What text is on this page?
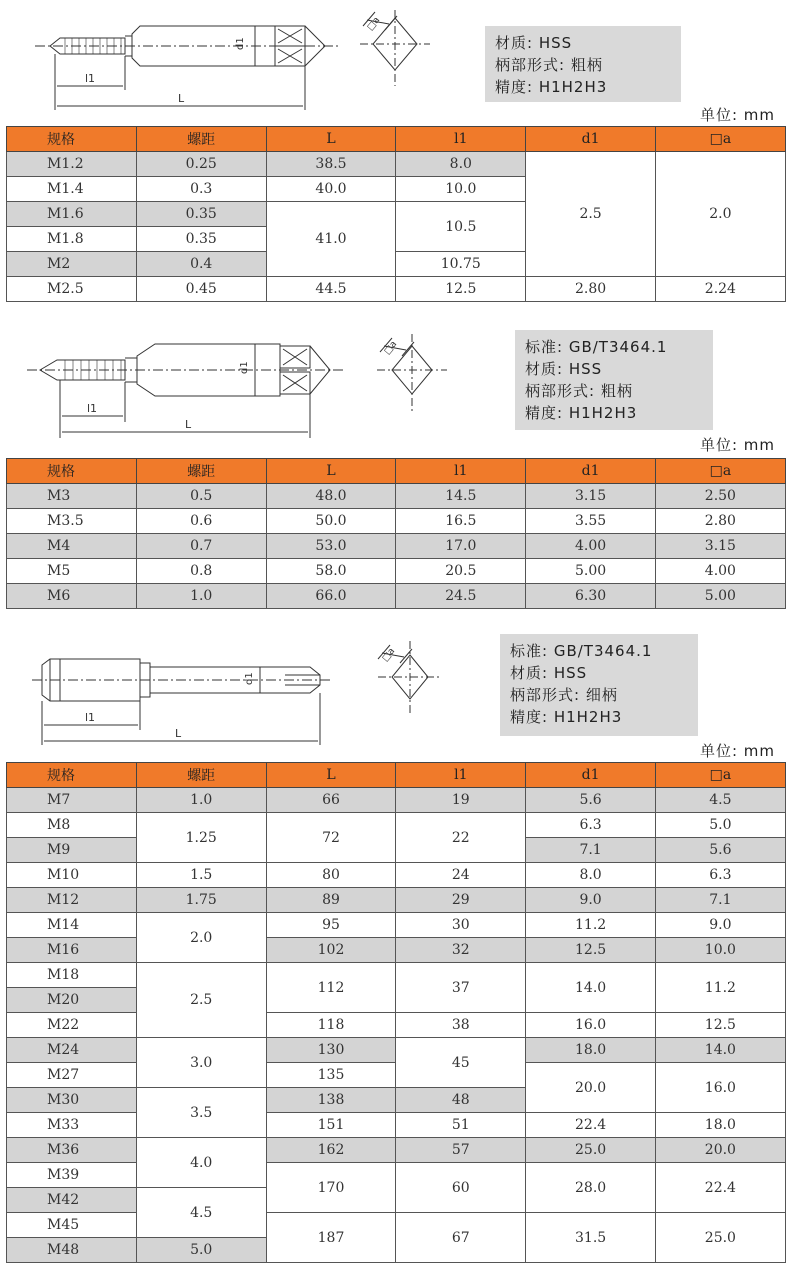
l1
L
d1
□a
材质: HSS
柄部形式: 粗柄
精度: H1H2H3
单位: mm
规格	螺距	L	l1	d1	□a
M1.2	0.25	38.5	8.0	2.5	2.0
M1.4	0.3	40.0	10.0		
M1.6	0.35	41.0	10.5		
M1.8	0.35				
M2	0.4		10.75		
M2.5	0.45	44.5	12.5	2.80	2.24
l1
L
d1
□a	标准: GB/T3464.1
材质: HSS
柄部形式: 粗柄
精度: H1H2H3
单位: mm
规格	螺距	L	l1	d1	□a
M3	0.5	48.0	14.5	3.15	2.50
M3.5	0.6	50.0	16.5	3.55	2.80
M4	0.7	53.0	17.0	4.00	3.15
M5	0.8	58.0	20.5	5.00	4.00
M6	1.0	66.0	24.5	6.30	5.00
l1
L
d1
□a	标准: GB/T3464.1
材质: HSS
柄部形式: 细柄
精度: H1H2H3
单位: mm
规格	螺距	L	l1	d1	□a
M7	1.0	66	19	5.6	4.5
M8	1.25	72	22	6.3	5.0
M9				7.1	5.6
M10	1.5	80	24	8.0	6.3
M12	1.75	89	29	9.0	7.1
M14	2.0	95	30	11.2	9.0
M16		102	32	12.5	10.0
M18	2.5	112	37	14.0	11.2
M20					
M22		118	38	16.0	12.5
M24	3.0	130	45	18.0	14.0
M27		135		20.0	16.0
M30	3.5	138	48		
M33		151	51	22.4	18.0
M36	4.0	162	57	25.0	20.0
M39		170	60	28.0	22.4
M42	4.5				
M45		187	67	31.5	25.0
M48	5.0				
